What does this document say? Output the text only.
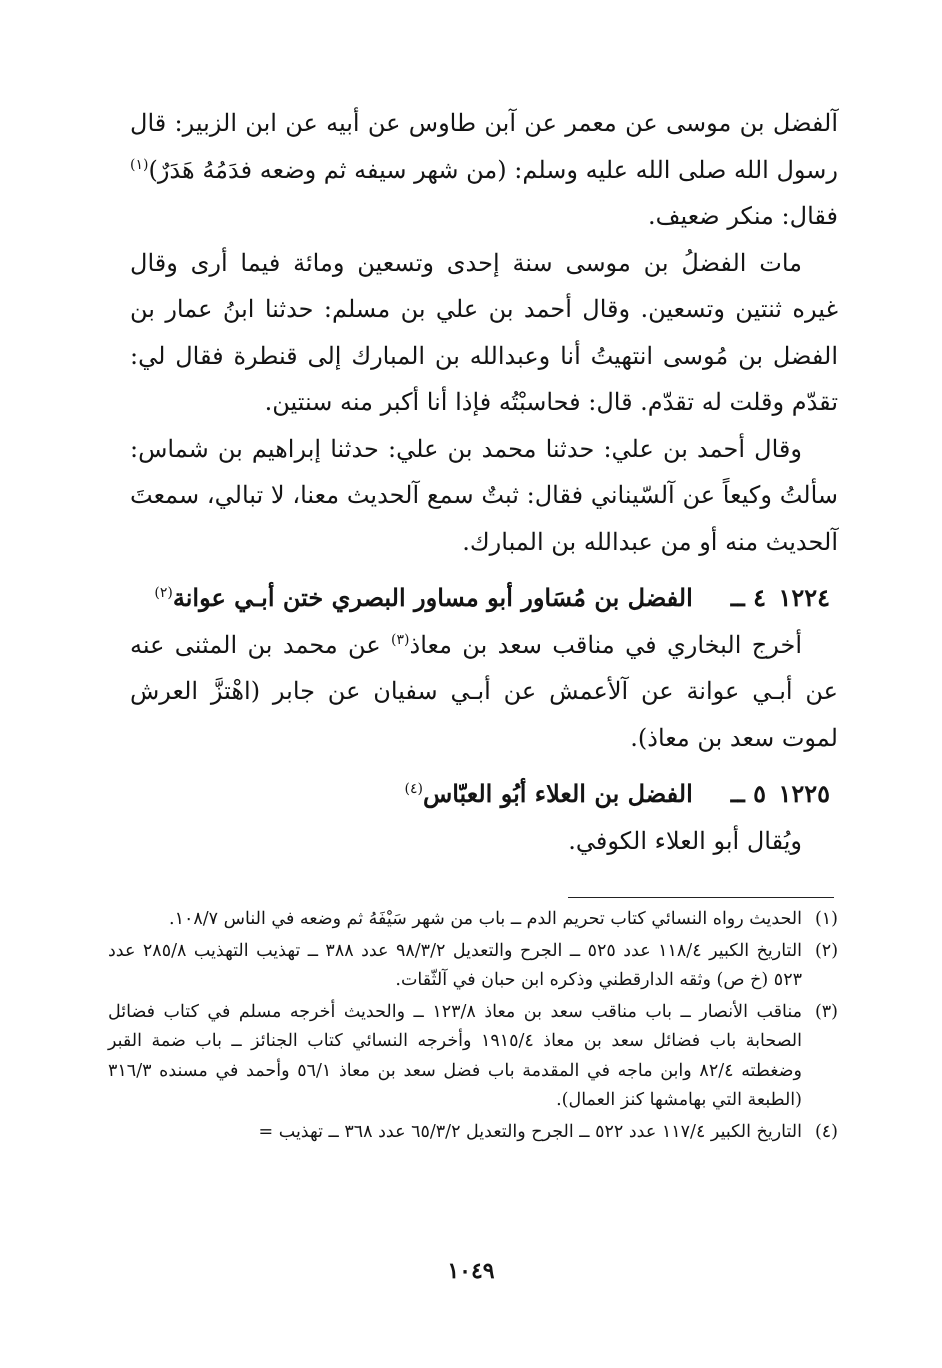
آلفضل بن موسى عن معمر عن آبن طاوس عن أبيه عن ابن الزبير: قال رسول الله صلى الله عليه وسلم: (من شهر سيفه ثم وضعه فدَمُهُ هَدَرٌ)$^{(١)}$ فقال: منكر ضعيف.

مات الفضلُ بن موسى سنة إحدى وتسعين ومائة فيما أرى وقال غيره ثنتين وتسعين. وقال أحمد بن علي بن مسلم: حدثنا ابنُ عمار بن الفضل بن مُوسى انتهيتُ أنا وعبدالله بن المبارك إلى قنطرة فقال لي: تقدّم وقلت له تقدّم. قال: فحاسبْتُه فإذا أنا أكبر منه سنتين.

وقال أحمد بن علي: حدثنا محمد بن علي: حدثنا إبراهيم بن شماس: سألتُ وكيعاً عن آلسّيناني فقال: ثبتٌ سمع آلحديث معنا، لا تبالي، سمعتَ آلحديث منه أو من عبدالله بن المبارك.

١٢٢٤٤ ــالفضل بن مُسَاور أبو مساور البصري ختن أبـي عوانة$^{(٢)}$

أخرج البخاري في مناقب سعد بن معاذ$^{(٣)}$ عن محمد بن المثنى عنه عن أبـي عوانة عن آلأعمش عن أبـي سفيان عن جابر (اهْتزَّ العرش لموت سعد بن معاذ).

١٢٢٥٥ ــالفضل بن العلاء أبُو العبّاس$^{(٤)}$

ويُقال أبو العلاء الكوفي.

(١)الحديث رواه النسائي كتاب تحريم الدم ــ باب من شهر سَيْفَهُ ثم وضعه في الناس ١٠٨/٧.

(٢)التاريخ الكبير ١١٨/٤ عدد ٥٢٥ ــ الجرح والتعديل ٩٨/٣/٢ عدد ٣٨٨ ــ تهذيب التهذيب ٢٨٥/٨ عدد ٥٢٣ (خ ص) وثقه الدارقطني وذكره ابن حبان في آلثّقات.

(٣)مناقب الأنصار ــ باب مناقب سعد بن معاذ ١٢٣/٨ ــ والحديث أخرجه مسلم في كتاب فضائل الصحابة باب فضائل سعد بن معاذ ١٩١٥/٤ وأخرجه النسائي كتاب الجنائز ــ باب ضمة القبر وضغطته ٨٢/٤ وابن ماجه في المقدمة باب فضل سعد بن معاذ ٥٦/١ وأحمد في مسنده ٣١٦/٣ (الطبعة التي بهامشها كنز العمال).

(٤)التاريخ الكبير ١١٧/٤ عدد ٥٢٢ ــ الجرح والتعديل ٦٥/٣/٢ عدد ٣٦٨ ــ تهذيب =

١٠٤٩
